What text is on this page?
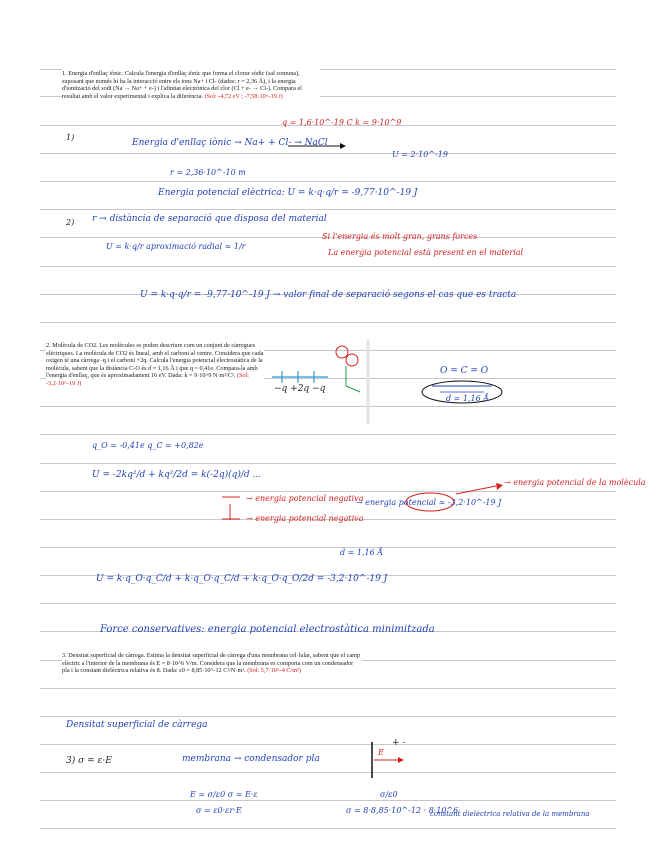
1. Energia d'enllaç iònic. Calcula l'energia d'enllaç iònic que forma el clorur sòdic (sal comuna), suposant que només hi ha la interacció entre els ions Na+ i Cl- (dades: r = 2,36 Å), i la energia d'ionització del sodi (Na → Na+ + e-) i l'afinitat electrònica del clor (Cl + e- → Cl-). Compara el resultat amb el valor experimental i explica la diferència. (Sol: -4,72 eV ; -7,58·10^-19 J)
1)
Energia d'enllaç iònic → Na+ + Cl- → NaCl
q = 1,6·10^-19 C k = 9·10^9
r = 2,36·10^-10 m
U = 2·10^-19
Energia potencial elèctrica: U = k·q·q/r = -9,77·10^-19 J
2) r → distància de separació que disposa del material
U = k·q/r aproximació radial ≈ 1/r
Si l'energia és molt gran, grans forces
La energia potencial està present en el material
U = k·q·q/r = -9,77·10^-19 J → valor final de separació segons el cas que es tracta
2. Molècula de CO2. Les molècules es poden descriure com un conjunt de càrregues elèctriques. La molècula de CO2 és lineal, amb el carboni al centre. Considera que cada oxigen té una càrrega -q i el carboni +2q. Calcula l'energia potencial electrostàtica de la molècula, sabent que la distància C-O és d = 1,16 Å i que q = 0,41e. Compara-la amb l'energia d'enllaç, que és aproximadament 16 eV. Dada: k = 9·10^9 N·m²/C². (Sol: -3,2·10^-19 J)
−q +2q −q
O = C = O
d = 1,16 Å
q_O = -0,41e q_C = +0,82e
U = -2kq²/d + kq²/2d = k(-2q)(q)/d ...
→ energia potencial negativa
→ energia potencial negativa
→ energia potencial de la molècula
→ energia potencial ≈ -3,2·10^-19 J
d = 1,16 Å
U = k·q_O·q_C/d + k·q_O·q_C/d + k·q_O·q_O/2d = -3,2·10^-19 J
Force conservatives: energia potencial electrostàtica minimitzada
3. Densitat superficial de càrrega. Estima la densitat superficial de càrrega d'una membrana cel·lular, sabent que el camp elèctric a l'interior de la membrana és E = 8·10^6 V/m. Considera que la membrana es comporta com un condensador pla i la constant dielèctrica relativa és 8. Dada: ε0 = 8,85·10^-12 C²/N·m². (Sol: 5,7·10^-4 C/m²)
Densitat superficial de càrrega
3) σ = ε·E	membrana → condensador pla
+ -
E
E = σ/ε0 σ = E·ε
σ = ε0·εr·E	σ = 8·8,85·10^-12 · 8·10^6
σ/ε0
constant dielèctrica relativa de la membrana
